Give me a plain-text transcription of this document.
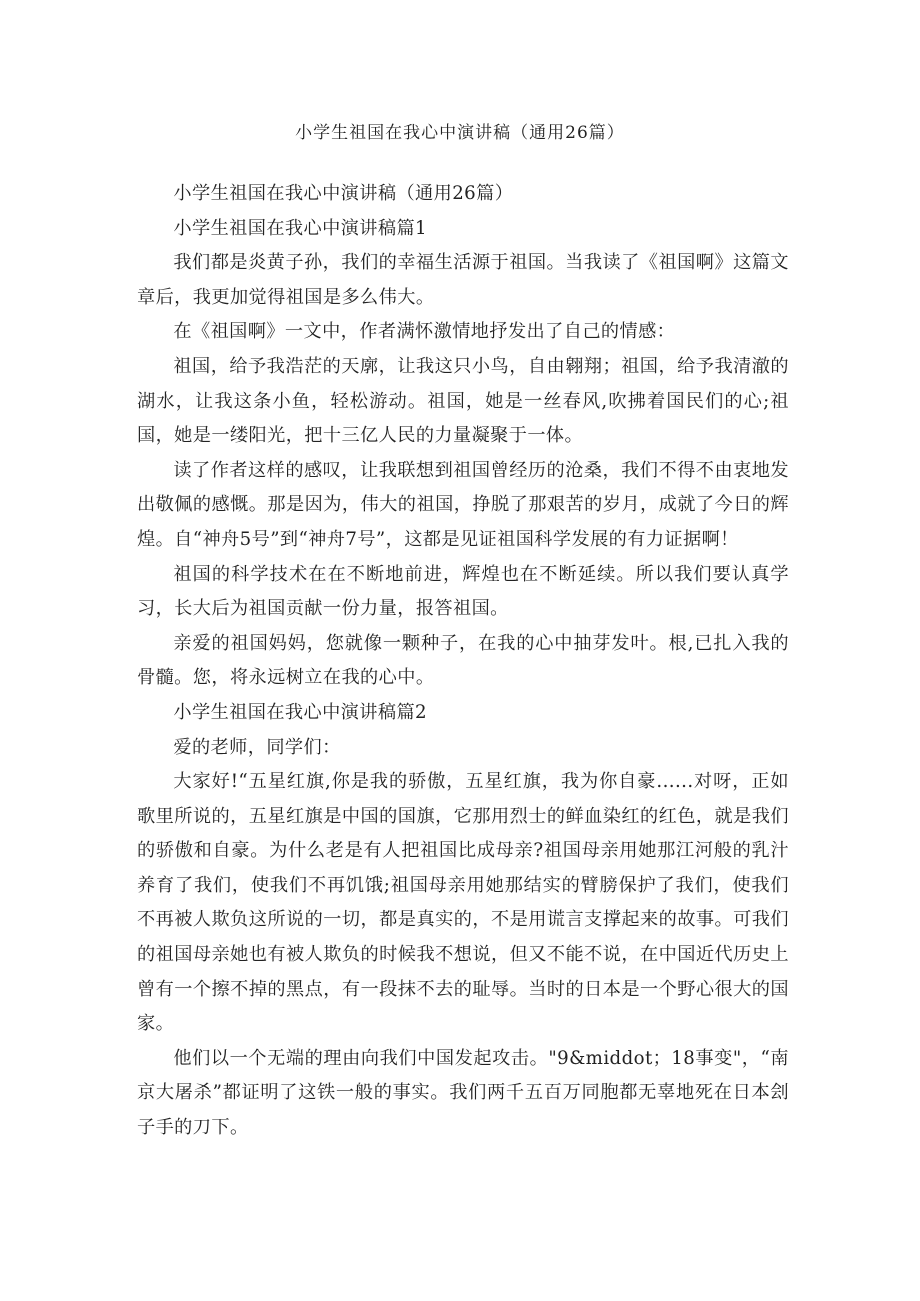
小学生祖国在我心中演讲稿（通用26篇）

小学生祖国在我心中演讲稿（通用26篇）

小学生祖国在我心中演讲稿篇1

我们都是炎黄子孙，我们的幸福生活源于祖国。当我读了《祖国啊》这篇文章后，我更加觉得祖国是多么伟大。

在《祖国啊》一文中，作者满怀激情地抒发出了自己的情感：

祖国，给予我浩茫的天廓，让我这只小鸟，自由翱翔；祖国，给予我清澈的湖水，让我这条小鱼，轻松游动。祖国，她是一丝春风,吹拂着国民们的心;祖国，她是一缕阳光，把十三亿人民的力量凝聚于一体。

读了作者这样的感叹，让我联想到祖国曾经历的沧桑，我们不得不由衷地发出敬佩的感慨。那是因为，伟大的祖国，挣脱了那艰苦的岁月，成就了今日的辉煌。自“神舟5号”到“神舟7号”，这都是见证祖国科学发展的有力证据啊！

祖国的科学技术在在不断地前进，辉煌也在不断延续。所以我们要认真学习，长大后为祖国贡献一份力量，报答祖国。

亲爱的祖国妈妈，您就像一颗种子，在我的心中抽芽发叶。根,已扎入我的骨髓。您，将永远树立在我的心中。

小学生祖国在我心中演讲稿篇2

爱的老师，同学们：

大家好!“五星红旗,你是我的骄傲，五星红旗，我为你自豪......对呀，正如歌里所说的，五星红旗是中国的国旗，它那用烈士的鲜血染红的红色，就是我们的骄傲和自豪。为什么老是有人把祖国比成母亲?祖国母亲用她那江河般的乳汁养育了我们，使我们不再饥饿;祖国母亲用她那结实的臂膀保护了我们，使我们不再被人欺负这所说的一切，都是真实的，不是用谎言支撑起来的故事。可我们的祖国母亲她也有被人欺负的时候我不想说，但又不能不说，在中国近代历史上曾有一个擦不掉的黑点，有一段抹不去的耻辱。当时的日本是一个野心很大的国家。

他们以一个无端的理由向我们中国发起攻击。"9&middot；18事变"，“南京大屠杀”都证明了这铁一般的事实。我们两千五百万同胞都无辜地死在日本刽子手的刀下。
